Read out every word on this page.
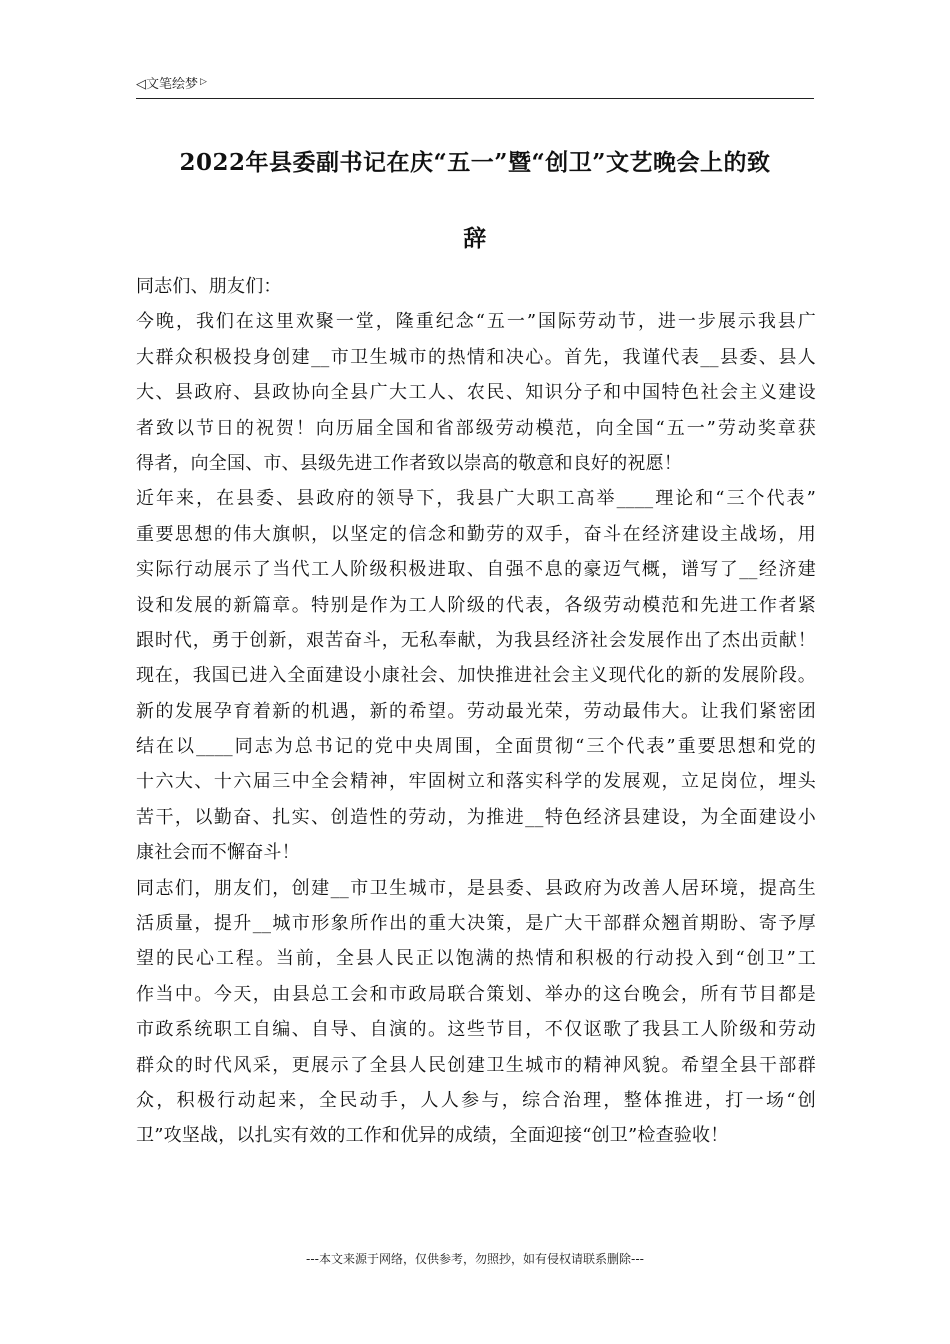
◁ 文笔绘梦 ▷
2022年县委副书记在庆“五一”暨“创卫”文艺晚会上的致
辞
同志们、朋友们：
今晚，我们在这里欢聚一堂，隆重纪念“五一”国际劳动节，进一步展示我县广
大群众积极投身创建__市卫生城市的热情和决心。首先，我谨代表__县委、县人
大、县政府、县政协向全县广大工人、农民、知识分子和中国特色社会主义建设
者致以节日的祝贺！向历届全国和省部级劳动模范，向全国“五一”劳动奖章获
得者，向全国、市、县级先进工作者致以崇高的敬意和良好的祝愿！
近年来，在县委、县政府的领导下，我县广大职工高举____理论和“三个代表”
重要思想的伟大旗帜，以坚定的信念和勤劳的双手，奋斗在经济建设主战场，用
实际行动展示了当代工人阶级积极进取、自强不息的豪迈气概，谱写了__经济建
设和发展的新篇章。特别是作为工人阶级的代表，各级劳动模范和先进工作者紧
跟时代，勇于创新，艰苦奋斗，无私奉献，为我县经济社会发展作出了杰出贡献！
现在，我国已进入全面建设小康社会、加快推进社会主义现代化的新的发展阶段。
新的发展孕育着新的机遇，新的希望。劳动最光荣，劳动最伟大。让我们紧密团
结在以____同志为总书记的党中央周围，全面贯彻“三个代表”重要思想和党的
十六大、十六届三中全会精神，牢固树立和落实科学的发展观，立足岗位，埋头
苦干，以勤奋、扎实、创造性的劳动，为推进__特色经济县建设，为全面建设小
康社会而不懈奋斗！
同志们，朋友们，创建__市卫生城市，是县委、县政府为改善人居环境，提高生
活质量，提升__城市形象所作出的重大决策，是广大干部群众翘首期盼、寄予厚
望的民心工程。当前，全县人民正以饱满的热情和积极的行动投入到“创卫”工
作当中。今天，由县总工会和市政局联合策划、举办的这台晚会，所有节目都是
市政系统职工自编、自导、自演的。这些节目，不仅讴歌了我县工人阶级和劳动
群众的时代风采，更展示了全县人民创建卫生城市的精神风貌。希望全县干部群
众，积极行动起来，全民动手，人人参与，综合治理，整体推进，打一场“创
卫”攻坚战，以扎实有效的工作和优异的成绩，全面迎接“创卫”检查验收！
---本文来源于网络，仅供参考，勿照抄，如有侵权请联系删除---
